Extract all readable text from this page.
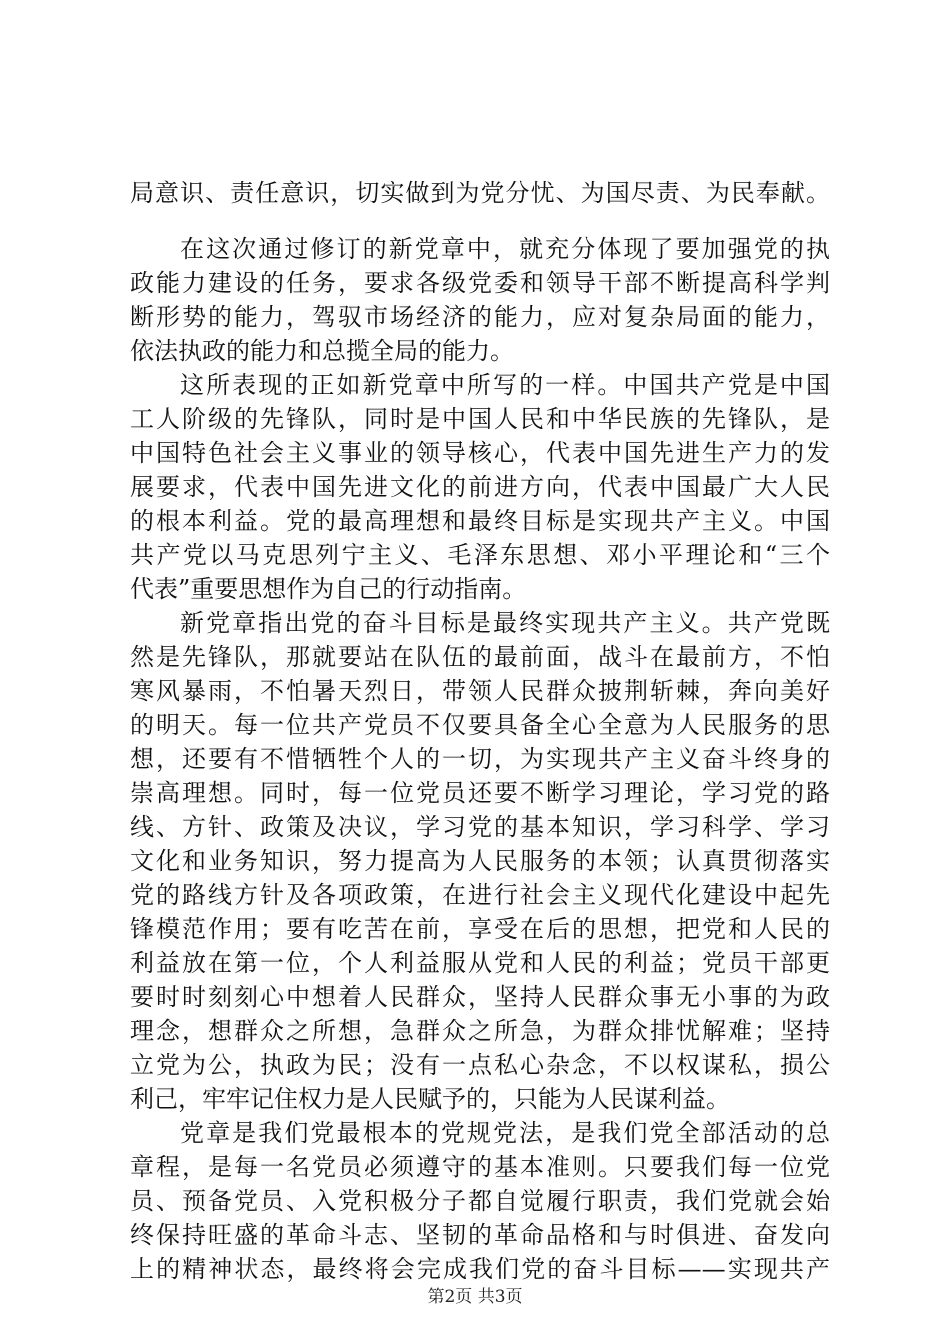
局意识、责任意识，切实做到为党分忧、为国尽责、为民奉献。

在这次通过修订的新党章中，就充分体现了要加强党的执

政能力建设的任务，要求各级党委和领导干部不断提高科学判

断形势的能力，驾驭市场经济的能力，应对复杂局面的能力，

依法执政的能力和总揽全局的能力。

这所表现的正如新党章中所写的一样。中国共产党是中国

工人阶级的先锋队，同时是中国人民和中华民族的先锋队，是

中国特色社会主义事业的领导核心，代表中国先进生产力的发

展要求，代表中国先进文化的前进方向，代表中国最广大人民

的根本利益。党的最高理想和最终目标是实现共产主义。中国

共产党以马克思列宁主义、毛泽东思想、邓小平理论和“三个

代表”重要思想作为自己的行动指南。

新党章指出党的奋斗目标是最终实现共产主义。共产党既

然是先锋队，那就要站在队伍的最前面，战斗在最前方，不怕

寒风暴雨，不怕暑天烈日，带领人民群众披荆斩棘，奔向美好

的明天。每一位共产党员不仅要具备全心全意为人民服务的思

想，还要有不惜牺牲个人的一切，为实现共产主义奋斗终身的

崇高理想。同时，每一位党员还要不断学习理论，学习党的路

线、方针、政策及决议，学习党的基本知识，学习科学、学习

文化和业务知识，努力提高为人民服务的本领；认真贯彻落实

党的路线方针及各项政策，在进行社会主义现代化建设中起先

锋模范作用；要有吃苦在前，享受在后的思想，把党和人民的

利益放在第一位，个人利益服从党和人民的利益；党员干部更

要时时刻刻心中想着人民群众，坚持人民群众事无小事的为政

理念，想群众之所想，急群众之所急，为群众排忧解难；坚持

立党为公，执政为民；没有一点私心杂念，不以权谋私，损公

利己，牢牢记住权力是人民赋予的，只能为人民谋利益。

党章是我们党最根本的党规党法，是我们党全部活动的总

章程，是每一名党员必须遵守的基本准则。只要我们每一位党

员、预备党员、入党积极分子都自觉履行职责，我们党就会始

终保持旺盛的革命斗志、坚韧的革命品格和与时俱进、奋发向

上的精神状态，最终将会完成我们党的奋斗目标——实现共产

第2页 共3页
